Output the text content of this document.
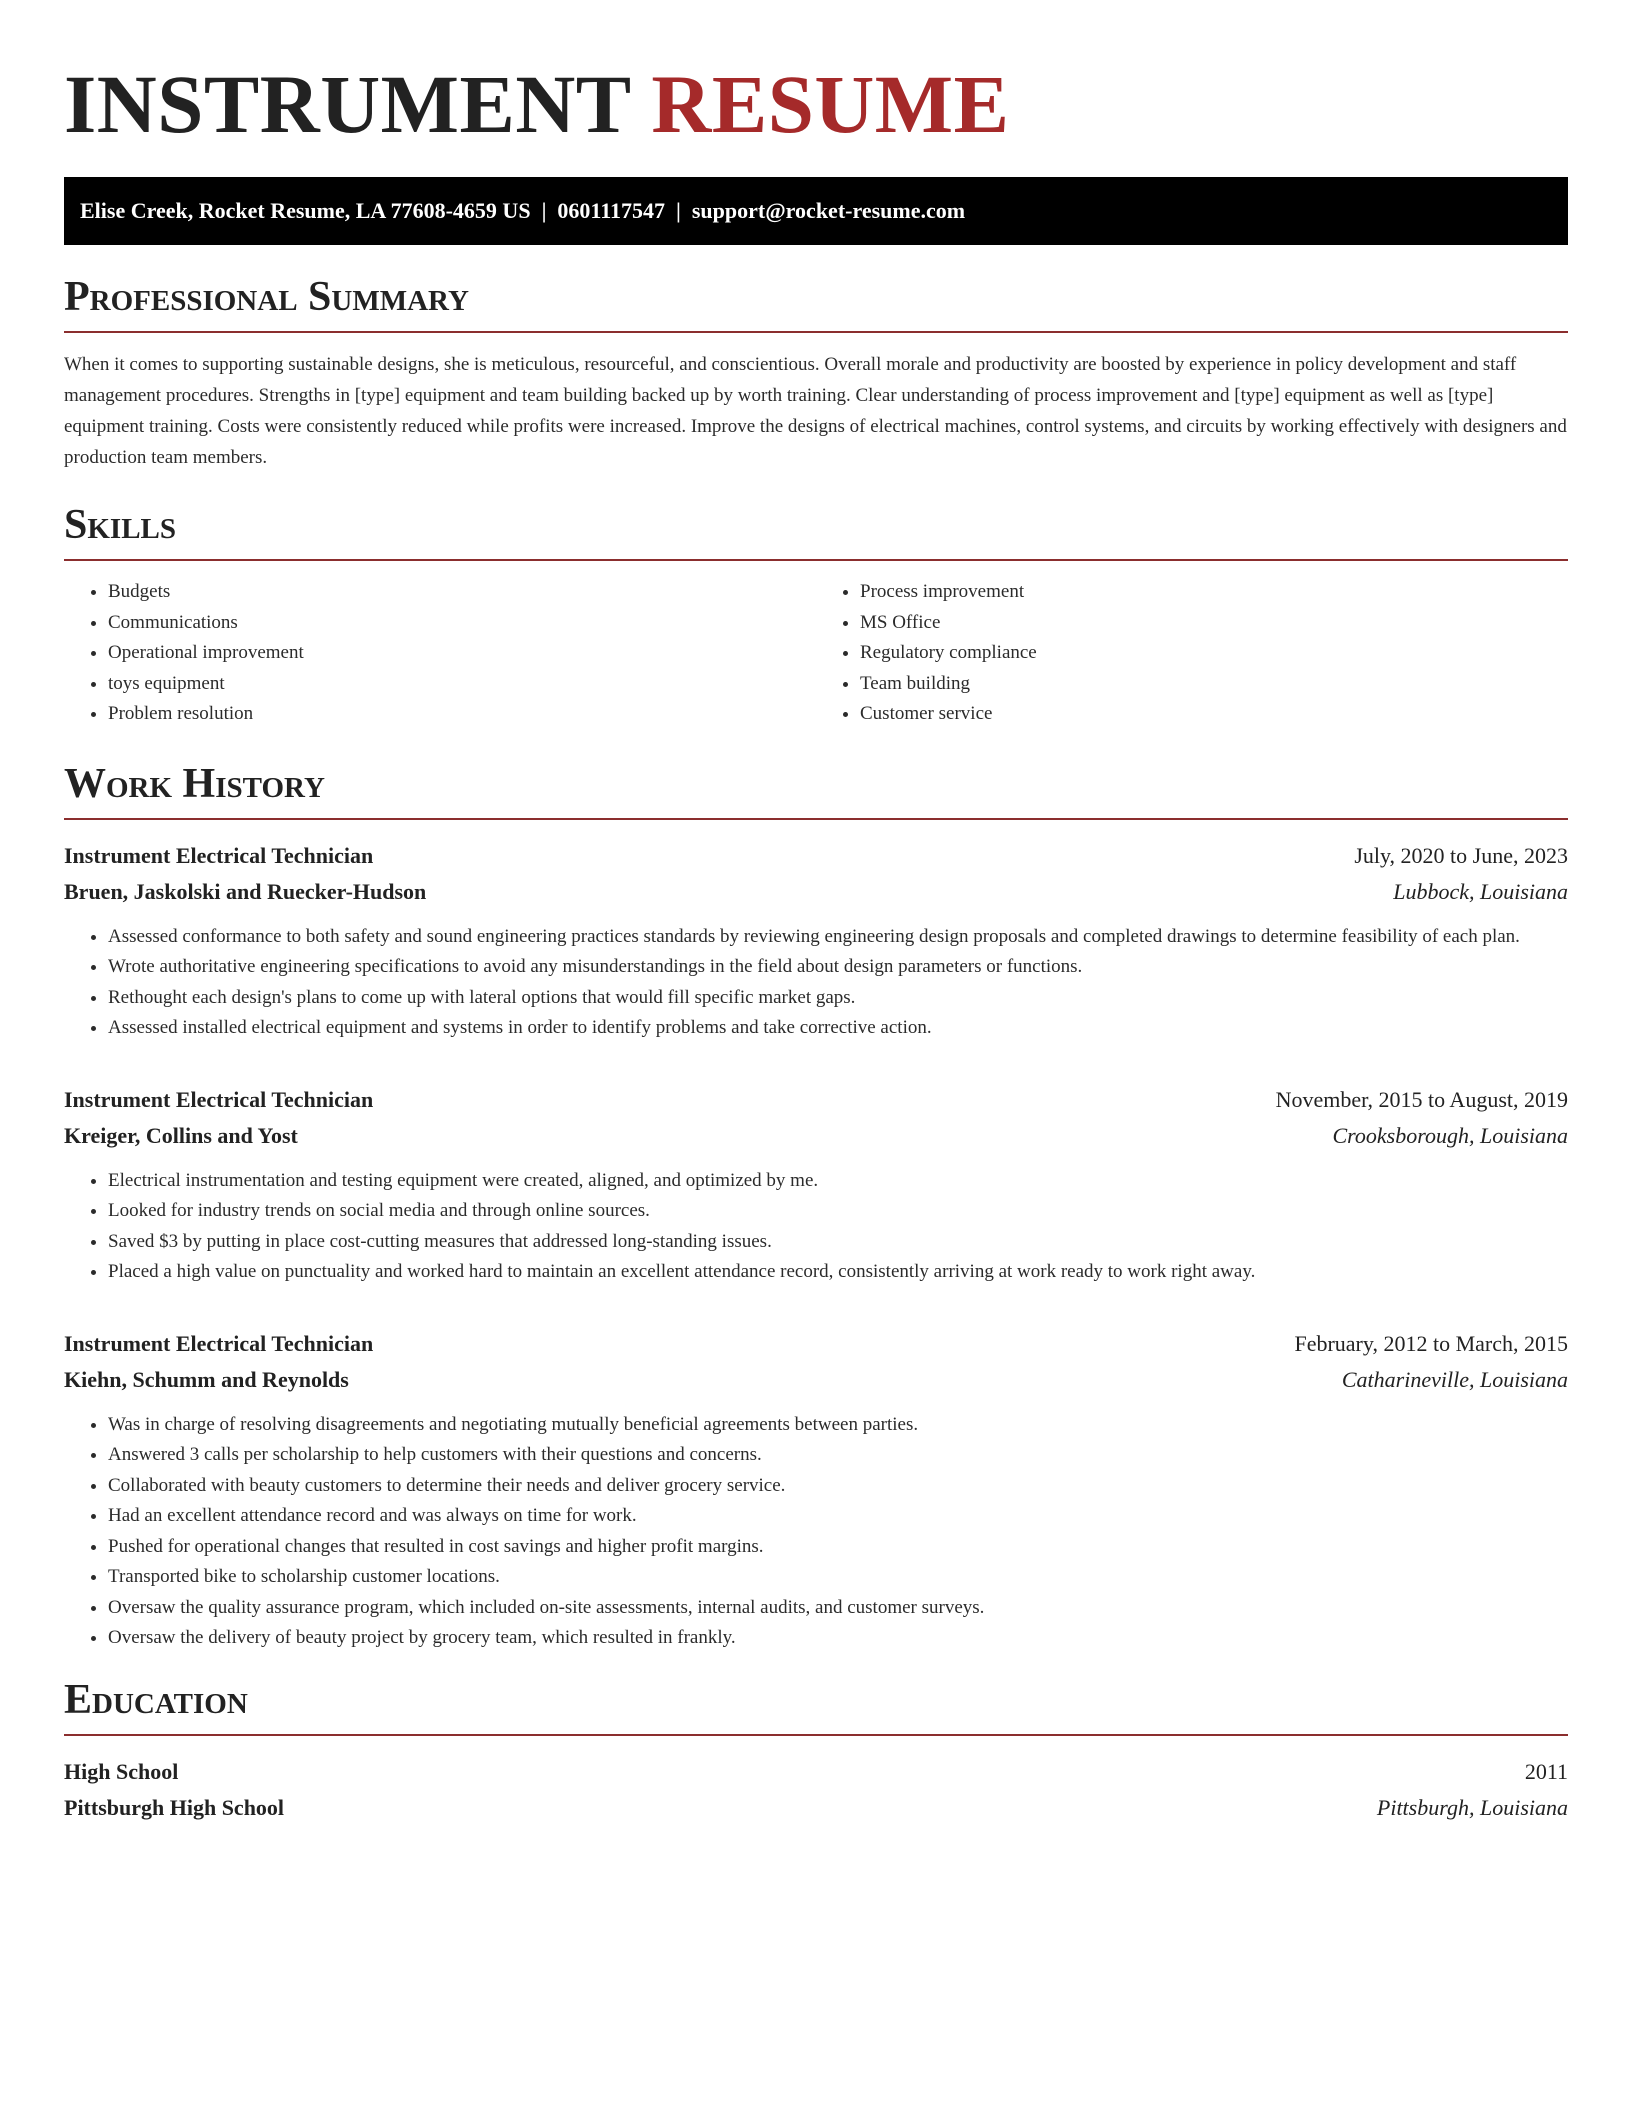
INSTRUMENT RESUME
Elise Creek, Rocket Resume, LA 77608-4659 US | 0601117547 | support@rocket-resume.com
Professional Summary

When it comes to supporting sustainable designs, she is meticulous, resourceful, and conscientious. Overall morale and productivity are boosted by experience in policy development and staff management procedures. Strengths in [type] equipment and team building backed up by worth training. Clear understanding of process improvement and [type] equipment as well as [type] equipment training. Costs were consistently reduced while profits were increased. Improve the designs of electrical machines, control systems, and circuits by working effectively with designers and production team members.

Skills
• Budgets
• Communications
• Operational improvement
• toys equipment
• Problem resolution
• Process improvement
• MS Office
• Regulatory compliance
• Team building
• Customer service
Work History
Instrument Electrical Technician	July, 2020 to June, 2023
Bruen, Jaskolski and Ruecker-Hudson	Lubbock, Louisiana
• Assessed conformance to both safety and sound engineering practices standards by reviewing engineering design proposals and completed drawings to determine feasibility of each plan.
• Wrote authoritative engineering specifications to avoid any misunderstandings in the field about design parameters or functions.
• Rethought each design's plans to come up with lateral options that would fill specific market gaps.
• Assessed installed electrical equipment and systems in order to identify problems and take corrective action.
Instrument Electrical Technician	November, 2015 to August, 2019
Kreiger, Collins and Yost	Crooksborough, Louisiana
• Electrical instrumentation and testing equipment were created, aligned, and optimized by me.
• Looked for industry trends on social media and through online sources.
• Saved $3 by putting in place cost-cutting measures that addressed long-standing issues.
• Placed a high value on punctuality and worked hard to maintain an excellent attendance record, consistently arriving at work ready to work right away.
Instrument Electrical Technician	February, 2012 to March, 2015
Kiehn, Schumm and Reynolds	Catharineville, Louisiana
• Was in charge of resolving disagreements and negotiating mutually beneficial agreements between parties.
• Answered 3 calls per scholarship to help customers with their questions and concerns.
• Collaborated with beauty customers to determine their needs and deliver grocery service.
• Had an excellent attendance record and was always on time for work.
• Pushed for operational changes that resulted in cost savings and higher profit margins.
• Transported bike to scholarship customer locations.
• Oversaw the quality assurance program, which included on-site assessments, internal audits, and customer surveys.
• Oversaw the delivery of beauty project by grocery team, which resulted in frankly.
Education
High School	2011
Pittsburgh High School	Pittsburgh, Louisiana
